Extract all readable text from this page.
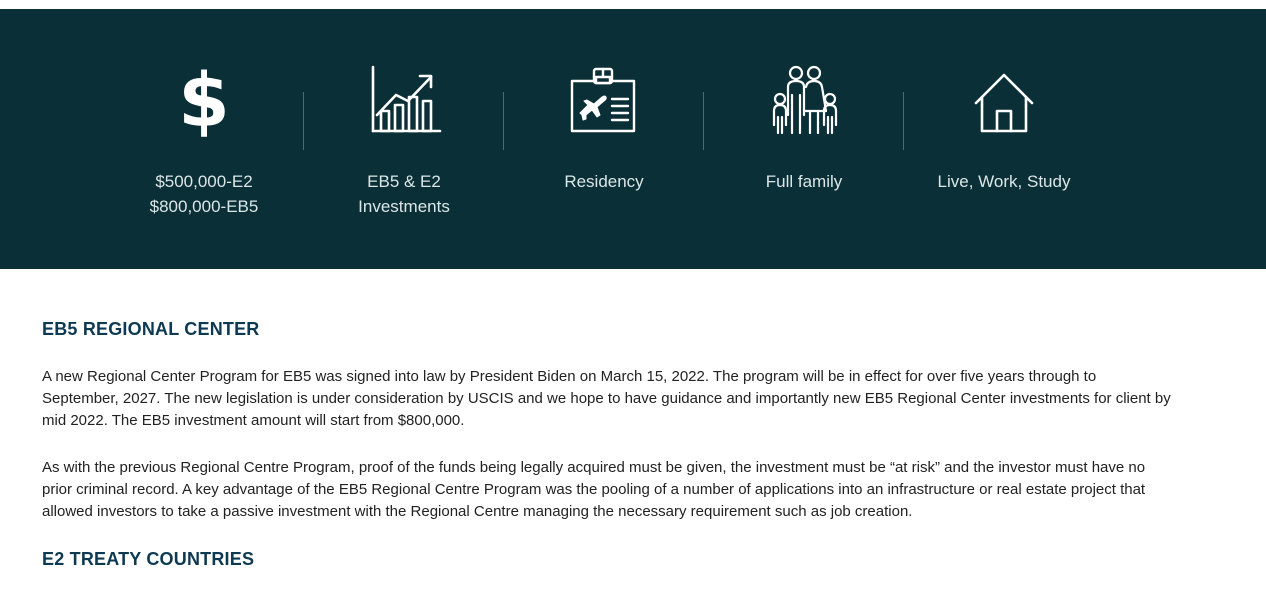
$
$500,000-E2
$800,000-EB5
EB5 & E2
Investments
Residency	Full family	Live, Work, Study
EB5 REGIONAL CENTER

A new Regional Center Program for EB5 was signed into law by President Biden on March 15, 2022. The program will be in effect for over five years through to September, 2027. The new legislation is under consideration by USCIS and we hope to have guidance and importantly new EB5 Regional Center investments for client by mid 2022. The EB5 investment amount will start from $800,000.

As with the previous Regional Centre Program, proof of the funds being legally acquired must be given, the investment must be “at risk” and the investor must have no prior criminal record. A key advantage of the EB5 Regional Centre Program was the pooling of a number of applications into an infrastructure or real estate project that allowed investors to take a passive investment with the Regional Centre managing the necessary requirement such as job creation.

E2 TREATY COUNTRIES
